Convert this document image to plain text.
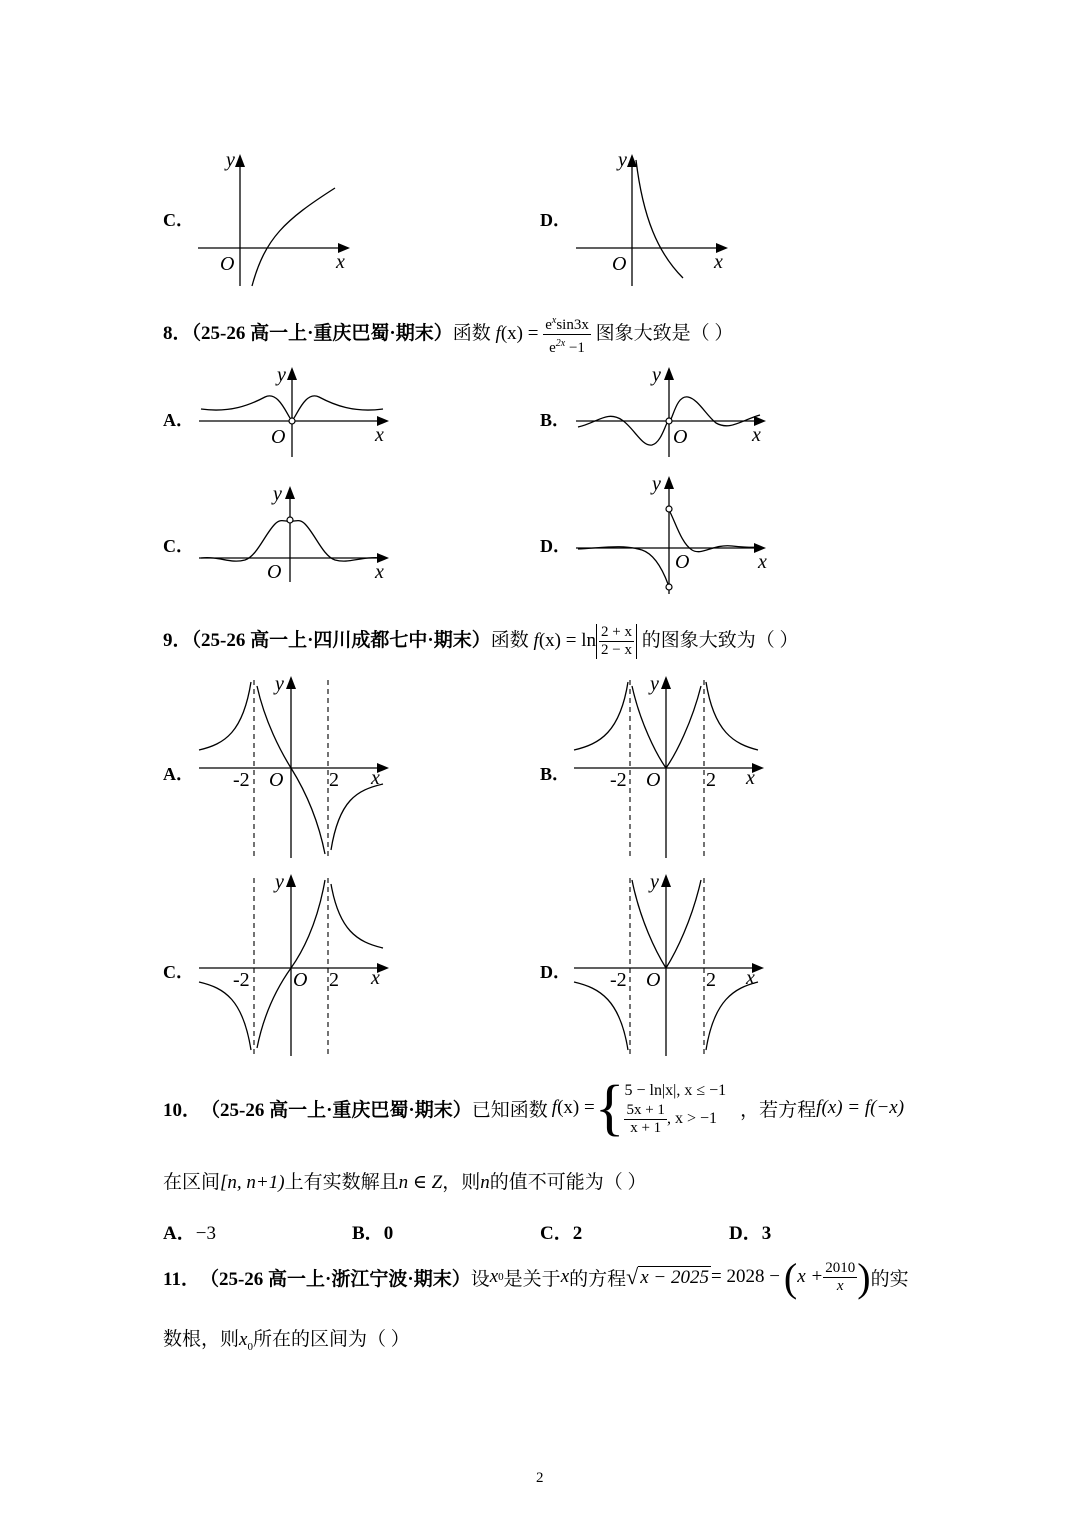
C．
y
O	x
D．
y
O	x
8．（25-26 高一上·重庆巴蜀·期末）函数 $f(x) = \frac{e^x\sin 3x}{e^{2x} -1}$ 图象大致是（ ）
A．
y
O	x
B．
y
O	x
C．
y
O	x
D．
y
O	x
9．（25-26 高一上·四川成都七中·期末）函数 $f(x) = \ln \frac{2 + x}{2 - x}$ 的图象大致为（ ）
A．
y
-2 O 2 x	B．
y
-2 O 2 x
C．
y
-2 O 2 x	D．
y
-2 O 2 x
10． （25-26 高一上·重庆巴蜀·期末） 已知函数 f (x) = { 5 − ln|x|, x ≤ −1
$\frac{5x + 1}{x + 1}$ , x > −1	，若方程 f(x) = f(−x)
在区间[n, n+1)上有实数解且n ∈ Z，则n的值不可能为（ ）
A．−3	B．0	C．2	D．3
11． （25-26 高一上·浙江宁波·期末） 设 x 0 是关于 x 的方程 √ x − 2025 = 2028 − ( $x + \frac{2010}{x}$ ) 的实
数根，则$x_0$所在的区间为（ ）
2
